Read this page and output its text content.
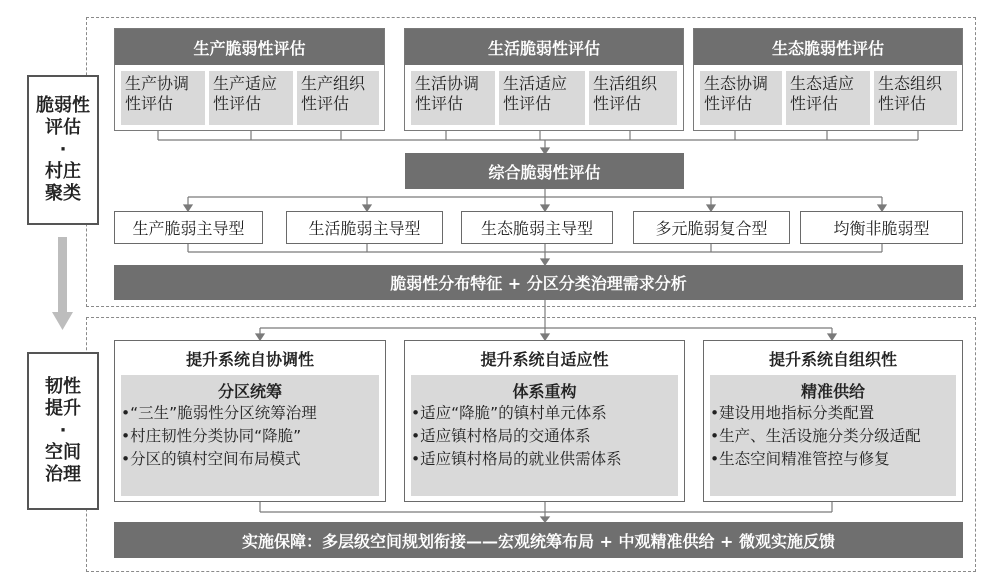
脆弱性
评估
·
村庄
聚类
韧性
提升
·
空间
治理
生产脆弱性评估
生产协调
性评估
生产适应
性评估
生产组织
性评估
生活脆弱性评估
生活协调
性评估
生活适应
性评估
生活组织
性评估
生态脆弱性评估
生态协调
性评估
生态适应
性评估
生态组织
性评估
综合脆弱性评估
生产脆弱主导型	生活脆弱主导型	生态脆弱主导型	多元脆弱复合型	均衡非脆弱型
脆弱性分布特征 + 分区分类治理需求分析
提升系统自协调性
分区统筹
•“三生”脆弱性分区统筹治理
•村庄韧性分类协同“降脆”
•分区的镇村空间布局模式
提升系统自适应性
体系重构
•适应“降脆”的镇村单元体系
•适应镇村格局的交通体系
•适应镇村格局的就业供需体系
提升系统自组织性
精准供给
•建设用地指标分类配置
•生产、生活设施分类分级适配
•生态空间精准管控与修复
实施保障：多层级空间规划衔接——宏观统筹布局 + 中观精准供给 + 微观实施反馈
